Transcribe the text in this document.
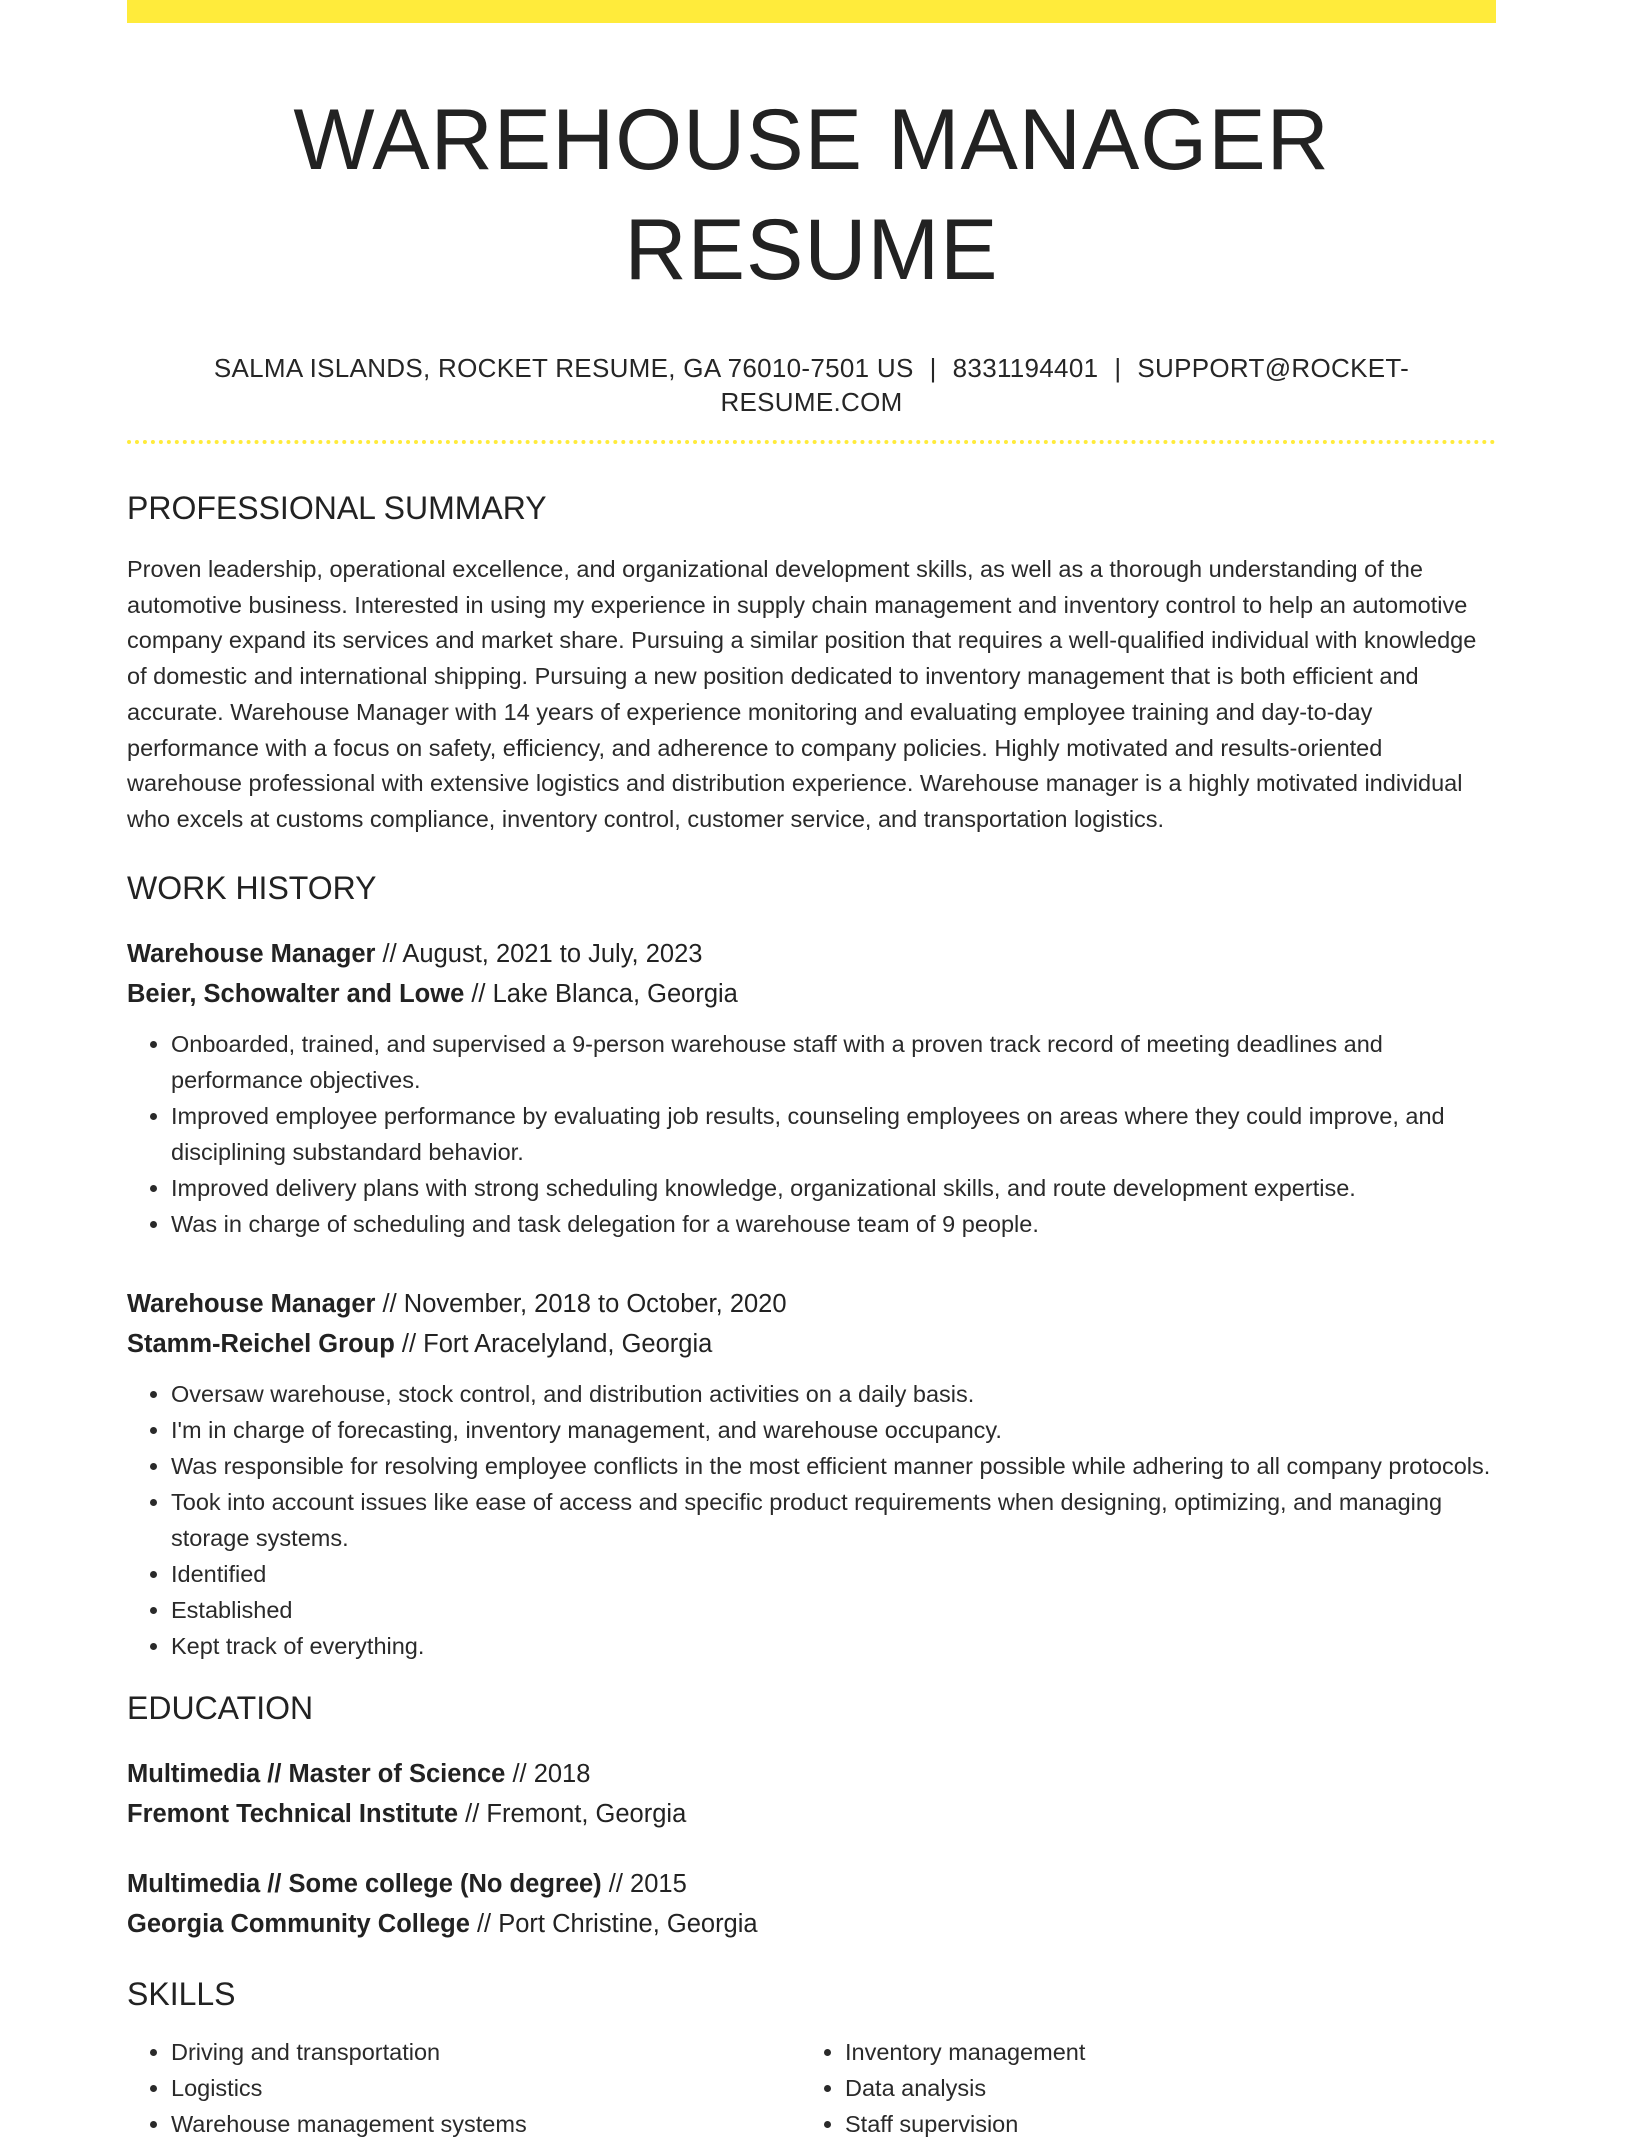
WAREHOUSE MANAGER RESUME
SALMA ISLANDS, ROCKET RESUME, GA 76010-7501 US | 8331194401 | SUPPORT@ROCKET-RESUME.COM
PROFESSIONAL SUMMARY

Proven leadership, operational excellence, and organizational development skills, as well as a thorough understanding of the automotive business. Interested in using my experience in supply chain management and inventory control to help an automotive company expand its services and market share. Pursuing a similar position that requires a well-qualified individual with knowledge of domestic and international shipping. Pursuing a new position dedicated to inventory management that is both efficient and accurate. Warehouse Manager with 14 years of experience monitoring and evaluating employee training and day-to-day performance with a focus on safety, efficiency, and adherence to company policies. Highly motivated and results-oriented warehouse professional with extensive logistics and distribution experience. Warehouse manager is a highly motivated individual who excels at customs compliance, inventory control, customer service, and transportation logistics.

WORK HISTORY
Warehouse Manager // August, 2021 to July, 2023
Beier, Schowalter and Lowe // Lake Blanca, Georgia
• Onboarded, trained, and supervised a 9-person warehouse staff with a proven track record of meeting deadlines and performance objectives.
• Improved employee performance by evaluating job results, counseling employees on areas where they could improve, and disciplining substandard behavior.
• Improved delivery plans with strong scheduling knowledge, organizational skills, and route development expertise.
• Was in charge of scheduling and task delegation for a warehouse team of 9 people.
Warehouse Manager // November, 2018 to October, 2020
Stamm-Reichel Group // Fort Aracelyland, Georgia
• Oversaw warehouse, stock control, and distribution activities on a daily basis.
• I'm in charge of forecasting, inventory management, and warehouse occupancy.
• Was responsible for resolving employee conflicts in the most efficient manner possible while adhering to all company protocols.
• Took into account issues like ease of access and specific product requirements when designing, optimizing, and managing storage systems.
• Identified
• Established
• Kept track of everything.
EDUCATION
Multimedia // Master of Science // 2018
Fremont Technical Institute // Fremont, Georgia
Multimedia // Some college (No degree) // 2015
Georgia Community College // Port Christine, Georgia
SKILLS
• Driving and transportation
• Logistics
• Warehouse management systems
• Inventory management
• Data analysis
• Staff supervision
